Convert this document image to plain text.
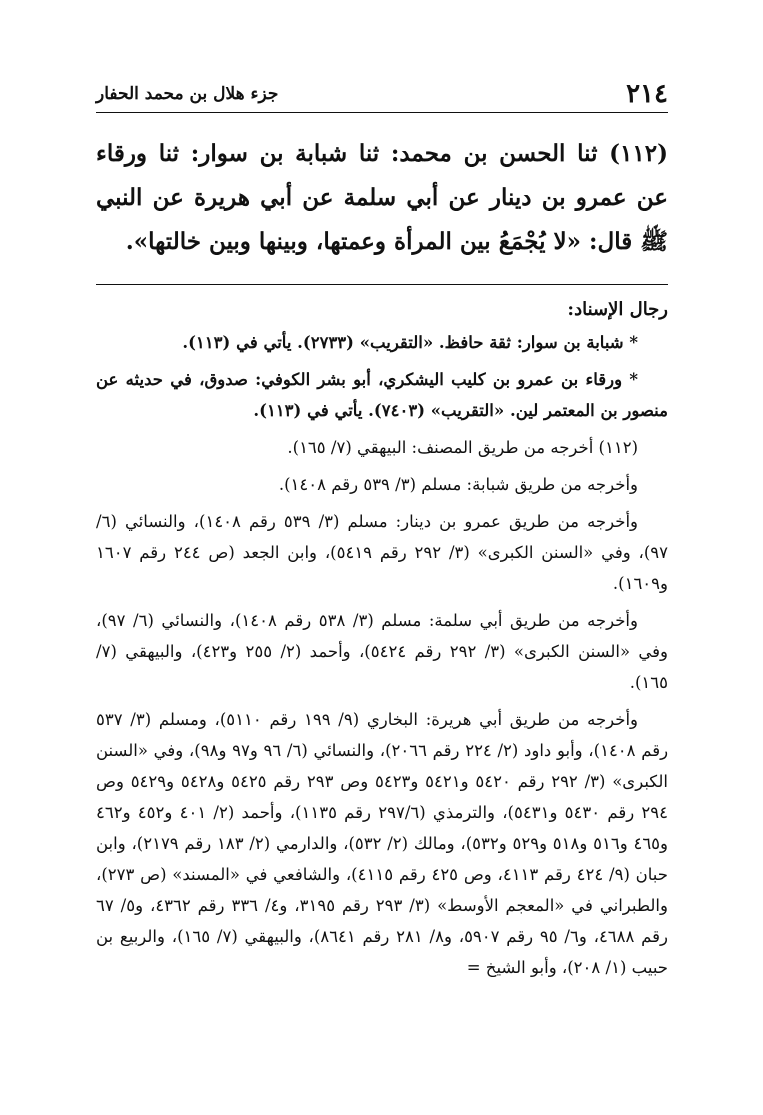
٢١٤
جزء هلال بن محمد الحفار

(١١٢) ثنا الحسن بن محمد: ثنا شبابة بن سوار: ثنا ورقاء عن عمرو بن دينار عن أبي سلمة عن أبي هريرة عن النبي ﷺ قال: «لا يُجْمَعُ بين المرأة وعمتها، وبينها وبين خالتها».

رجال الإسناد:

* شبابة بن سوار: ثقة حافظ. «التقريب» (٢٧٣٣). يأتي في (١١٣).

* ورقاء بن عمرو بن كليب اليشكري، أبو بشر الكوفي: صدوق، في حديثه عن منصور بن المعتمر لين. «التقريب» (٧٤٠٣). يأتي في (١١٣).

(١١٢) أخرجه من طريق المصنف: البيهقي (٧/ ١٦٥).

وأخرجه من طريق شبابة: مسلم (٣/ ٥٣٩ رقم ١٤٠٨).

وأخرجه من طريق عمرو بن دينار: مسلم (٣/ ٥٣٩ رقم ١٤٠٨)، والنسائي (٦/ ٩٧)، وفي «السنن الكبرى» (٣/ ٢٩٢ رقم ٥٤١٩)، وابن الجعد (ص ٢٤٤ رقم ١٦٠٧ و١٦٠٩).

وأخرجه من طريق أبي سلمة: مسلم (٣/ ٥٣٨ رقم ١٤٠٨)، والنسائي (٦/ ٩٧)، وفي «السنن الكبرى» (٣/ ٢٩٢ رقم ٥٤٢٤)، وأحمد (٢/ ٢٥٥ و٤٢٣)، والبيهقي (٧/ ١٦٥).

وأخرجه من طريق أبي هريرة: البخاري (٩/ ١٩٩ رقم ٥١١٠)، ومسلم (٣/ ٥٣٧ رقم ١٤٠٨)، وأبو داود (٢/ ٢٢٤ رقم ٢٠٦٦)، والنسائي (٦/ ٩٦ و٩٧ و٩٨)، وفي «السنن الكبرى» (٣/ ٢٩٢ رقم ٥٤٢٠ و٥٤٢١ و٥٤٢٣ وص ٢٩٣ رقم ٥٤٢٥ و٥٤٢٨ و٥٤٢٩ وص ٢٩٤ رقم ٥٤٣٠ و٥٤٣١)، والترمذي (٢٩٧/٦ رقم ١١٣٥)، وأحمد (٢/ ٤٠١ و٤٥٢ و٤٦٢ و٤٦٥ و٥١٦ و٥١٨ و٥٢٩ و٥٣٢)، ومالك (٢/ ٥٣٢)، والدارمي (٢/ ١٨٣ رقم ٢١٧٩)، وابن حبان (٩/ ٤٢٤ رقم ٤١١٣، وص ٤٢٥ رقم ٤١١٥)، والشافعي في «المسند» (ص ٢٧٣)، والطبراني في «المعجم الأوسط» (٣/ ٢٩٣ رقم ٣١٩٥، و٤/ ٣٣٦ رقم ٤٣٦٢، و٥/ ٦٧ رقم ٤٦٨٨، و٦/ ٩٥ رقم ٥٩٠٧، و٨/ ٢٨١ رقم ٨٦٤١)، والبيهقي (٧/ ١٦٥)، والربيع بن حبيب (١/ ٢٠٨)، وأبو الشيخ =
